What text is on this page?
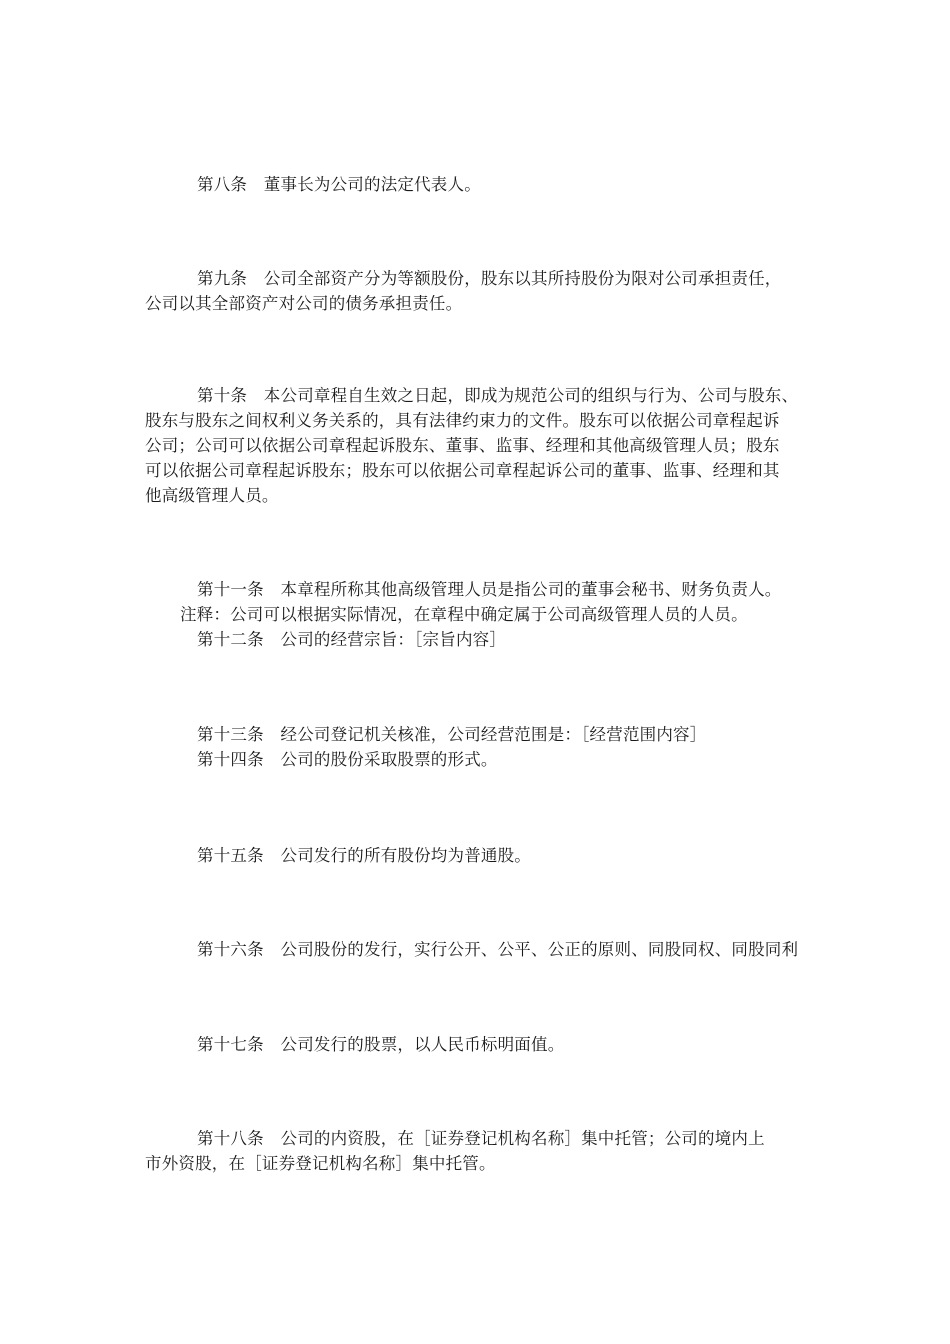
第八条　董事长为公司的法定代表人。
第九条　公司全部资产分为等额股份，股东以其所持股份为限对公司承担责任，
公司以其全部资产对公司的债务承担责任。
第十条　本公司章程自生效之日起，即成为规范公司的组织与行为、公司与股东、
股东与股东之间权利义务关系的，具有法律约束力的文件。股东可以依据公司章程起诉
公司；公司可以依据公司章程起诉股东、董事、监事、经理和其他高级管理人员；股东
可以依据公司章程起诉股东；股东可以依据公司章程起诉公司的董事、监事、经理和其
他高级管理人员。
第十一条　本章程所称其他高级管理人员是指公司的董事会秘书、财务负责人。
注释：公司可以根据实际情况，在章程中确定属于公司高级管理人员的人员。
第十二条　公司的经营宗旨：［宗旨内容］
第十三条　经公司登记机关核准，公司经营范围是：［经营范围内容］
第十四条　公司的股份采取股票的形式。
第十五条　公司发行的所有股份均为普通股。
第十六条　公司股份的发行，实行公开、公平、公正的原则、同股同权、同股同利
第十七条　公司发行的股票，以人民币标明面值。
第十八条　公司的内资股，在［证券登记机构名称］集中托管；公司的境内上
市外资股，在［证券登记机构名称］集中托管。
